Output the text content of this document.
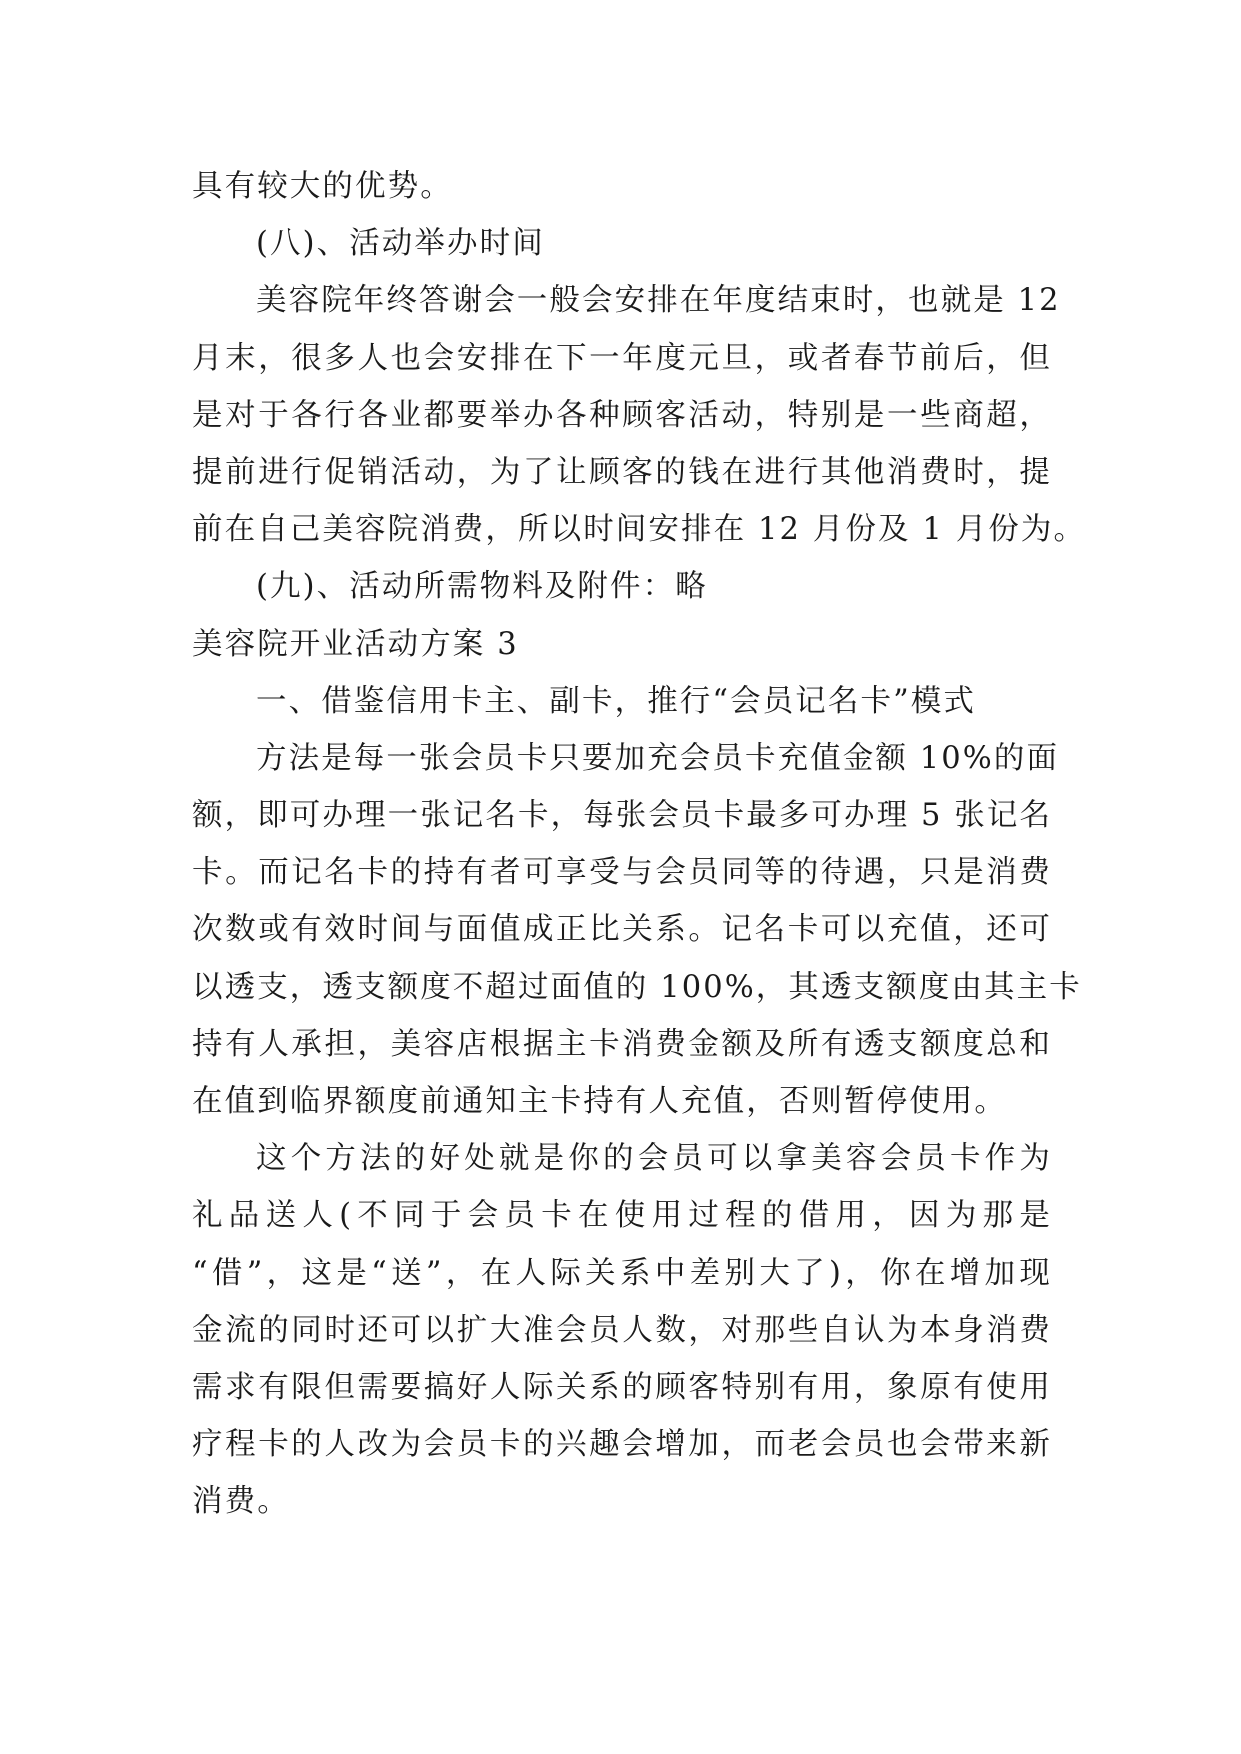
具有较大的优势。
(八)、活动举办时间
美容院年终答谢会一般会安排在年度结束时，也就是 12
月末，很多人也会安排在下一年度元旦，或者春节前后，但
是对于各行各业都要举办各种顾客活动，特别是一些商超，
提前进行促销活动，为了让顾客的钱在进行其他消费时，提
前在自己美容院消费，所以时间安排在 12 月份及 1 月份为。
(九)、活动所需物料及附件：略
美容院开业活动方案 3
一、借鉴信用卡主、副卡，推行“会员记名卡”模式
方法是每一张会员卡只要加充会员卡充值金额 10%的面
额，即可办理一张记名卡，每张会员卡最多可办理 5 张记名
卡。而记名卡的持有者可享受与会员同等的待遇，只是消费
次数或有效时间与面值成正比关系。记名卡可以充值，还可
以透支，透支额度不超过面值的 100%，其透支额度由其主卡
持有人承担，美容店根据主卡消费金额及所有透支额度总和
在值到临界额度前通知主卡持有人充值，否则暂停使用。
这个方法的好处就是你的会员可以拿美容会员卡作为
礼品送人(不同于会员卡在使用过程的借用，因为那是
“借”，这是“送”，在人际关系中差别大了)，你在增加现
金流的同时还可以扩大准会员人数，对那些自认为本身消费
需求有限但需要搞好人际关系的顾客特别有用，象原有使用
疗程卡的人改为会员卡的兴趣会增加，而老会员也会带来新
消费。
